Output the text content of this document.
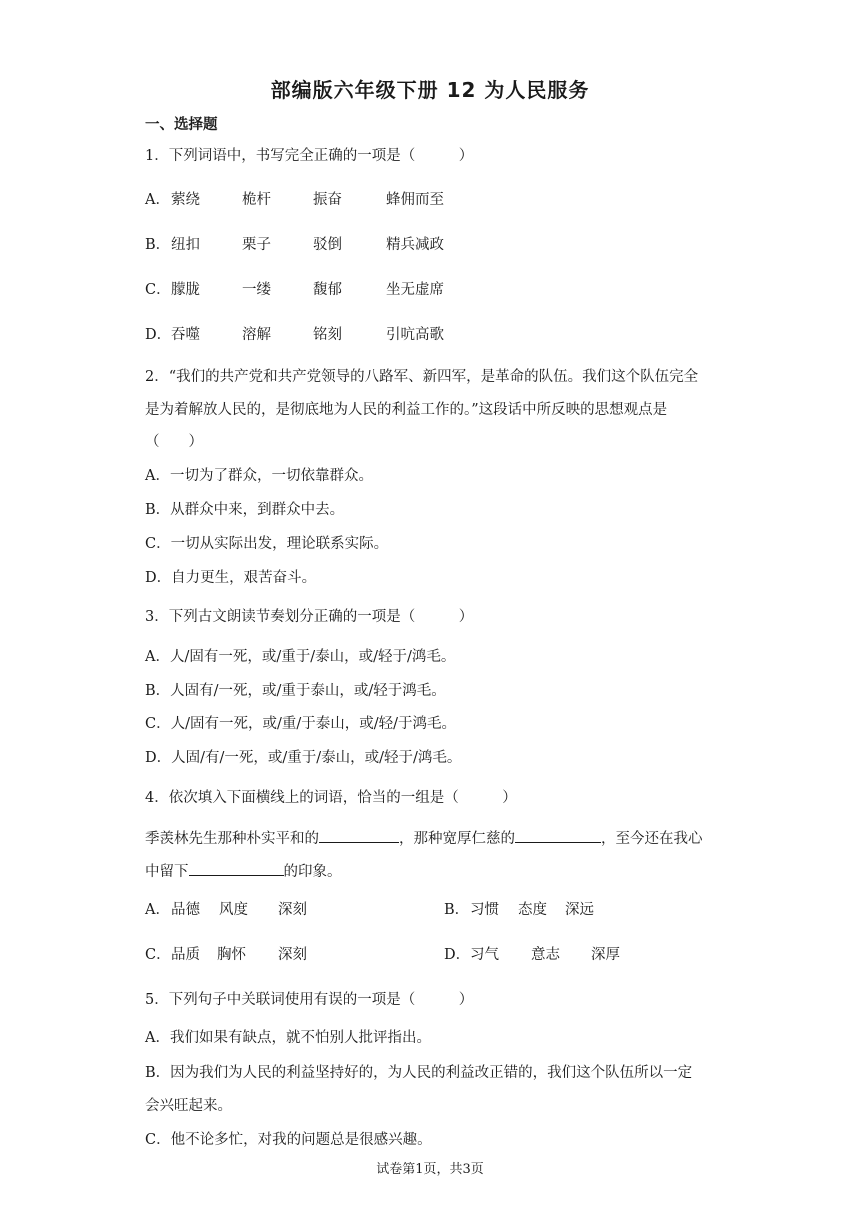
部编版六年级下册 12 为人民服务
一、选择题
1．下列词语中，书写完全正确的一项是（　　　）
A．萦绕	桅杆	振奋	蜂佣而至
B．纽扣	栗子	驳倒	精兵减政
C．朦胧	一缕	馥郁	坐无虚席
D．吞噬	溶解	铭刻	引吭高歌
2．“我们的共产党和共产党领导的八路军、新四军，是革命的队伍。我们这个队伍完全
是为着解放人民的，是彻底地为人民的利益工作的。”这段话中所反映的思想观点是
（　　）
A．一切为了群众，一切依靠群众。
B．从群众中来，到群众中去。
C．一切从实际出发，理论联系实际。
D．自力更生，艰苦奋斗。
3．下列古文朗读节奏划分正确的一项是（　　　）
A．人/固有一死，或/重于/泰山，或/轻于/鸿毛。
B．人固有/一死，或/重于泰山，或/轻于鸿毛。
C．人/固有一死，或/重/于泰山，或/轻/于鸿毛。
D．人固/有/一死，或/重于/泰山，或/轻于/鸿毛。
4．依次填入下面横线上的词语，恰当的一组是（　　　）
季羡林先生那种朴实平和的	，那种宽厚仁慈的	，至今还在我心
中留下	的印象。
A．品德 风度 深刻	B．习惯 态度 深远
C．品质 胸怀 深刻	D．习气 意志 深厚
5．下列句子中关联词使用有误的一项是（　　　）
A．我们如果有缺点，就不怕别人批评指出。
B．因为我们为人民的利益坚持好的，为人民的利益改正错的，我们这个队伍所以一定
会兴旺起来。
C．他不论多忙，对我的问题总是很感兴趣。
试卷第1页，共3页
